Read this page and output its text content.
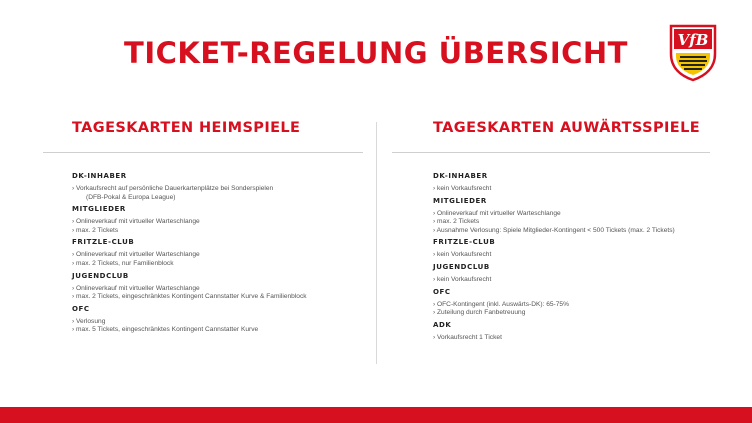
TICKET-REGELUNG ÜBERSICHT	VfB
TAGESKARTEN HEIMSPIELE	TAGESKARTEN AUWÄRTSSPIELE

DK-INHABER

› Vorkaufsrecht auf persönliche Dauerkartenplätze bei Sonderspielen

(DFB-Pokal & Europa League)

MITGLIEDER

› Onlineverkauf mit virtueller Warteschlange

› max. 2 Tickets

FRITZLE-CLUB

› Onlineverkauf mit virtueller Warteschlange

› max. 2 Tickets, nur Familienblock

JUGENDCLUB

› Onlineverkauf mit virtueller Warteschlange

› max. 2 Tickets, eingeschränktes Kontingent Cannstatter Kurve & Familienblock

OFC

› Verlosung

› max. 5 Tickets, eingeschränktes Kontingent Cannstatter Kurve

DK-INHABER

› kein Vorkaufsrecht

MITGLIEDER

› Onlineverkauf mit virtueller Warteschlange

› max. 2 Tickets

› Ausnahme Verlosung: Spiele Mitglieder-Kontingent < 500 Tickets (max. 2 Tickets)

FRITZLE-CLUB

› kein Vorkaufsrecht

JUGENDCLUB

› kein Vorkaufsrecht

OFC

› OFC-Kontingent (inkl. Auswärts-DK): 65-75%

› Zuteilung durch Fanbetreuung

ADK

› Vorkaufsrecht 1 Ticket
